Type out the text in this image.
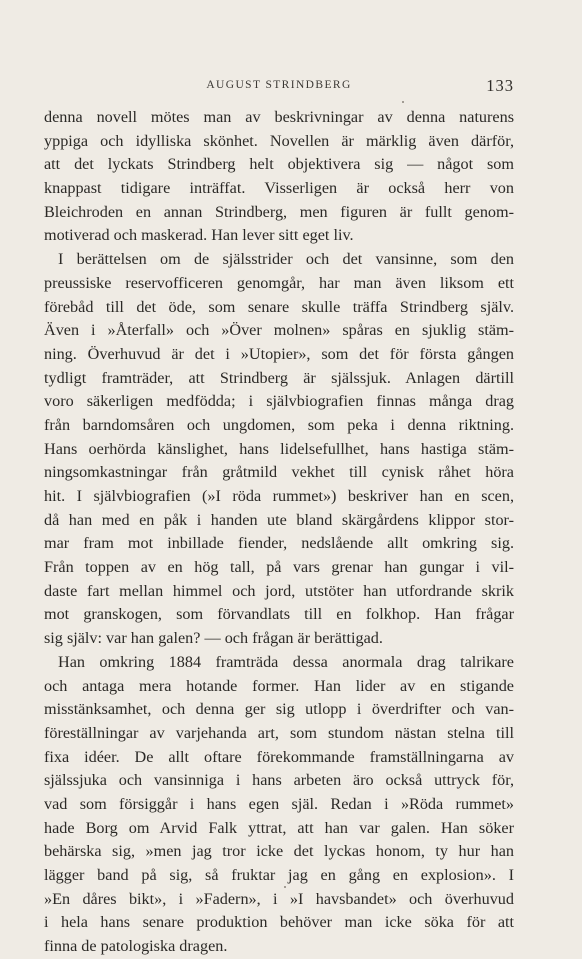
AUGUST STRINDBERG	133
denna novell mötes man av beskrivningar av denna naturens
yppiga och idylliska skönhet. Novellen är märklig även därför,
att det lyckats Strindberg helt objektivera sig — något som
knappast tidigare inträffat. Visserligen är också herr von
Bleichroden en annan Strindberg, men figuren är fullt genom-
motiverad och maskerad. Han lever sitt eget liv.
I berättelsen om de själsstrider och det vansinne, som den
preussiske reservofficeren genomgår, har man även liksom ett
förebåd till det öde, som senare skulle träffa Strindberg själv.
Även i »Återfall» och »Över molnen» spåras en sjuklig stäm-
ning. Överhuvud är det i »Utopier», som det för första gången
tydligt framträder, att Strindberg är själssjuk. Anlagen därtill
voro säkerligen medfödda; i självbiografien finnas många drag
från barndomsåren och ungdomen, som peka i denna riktning.
Hans oerhörda känslighet, hans lidelsefullhet, hans hastiga stäm-
ningsomkastningar från gråtmild vekhet till cynisk råhet höra
hit. I självbiografien (»I röda rummet») beskriver han en scen,
då han med en påk i handen ute bland skärgårdens klippor stor-
mar fram mot inbillade fiender, nedslående allt omkring sig.
Från toppen av en hög tall, på vars grenar han gungar i vil-
daste fart mellan himmel och jord, utstöter han utfordrande skrik
mot granskogen, som förvandlats till en folkhop. Han frågar
sig själv: var han galen? — och frågan är berättigad.
Han omkring 1884 framträda dessa anormala drag talrikare
och antaga mera hotande former. Han lider av en stigande
misstänksamhet, och denna ger sig utlopp i överdrifter och van-
föreställningar av varjehanda art, som stundom nästan stelna till
fixa idéer. De allt oftare förekommande framställningarna av
själssjuka och vansinniga i hans arbeten äro också uttryck för,
vad som försiggår i hans egen själ. Redan i »Röda rummet»
hade Borg om Arvid Falk yttrat, att han var galen. Han söker
behärska sig, »men jag tror icke det lyckas honom, ty hur han
lägger band på sig, så fruktar jag en gång en explosion». I
»En dåres bikt», i »Fadern», i »I havsbandet» och överhuvud
i hela hans senare produktion behöver man icke söka för att
finna de patologiska dragen.
